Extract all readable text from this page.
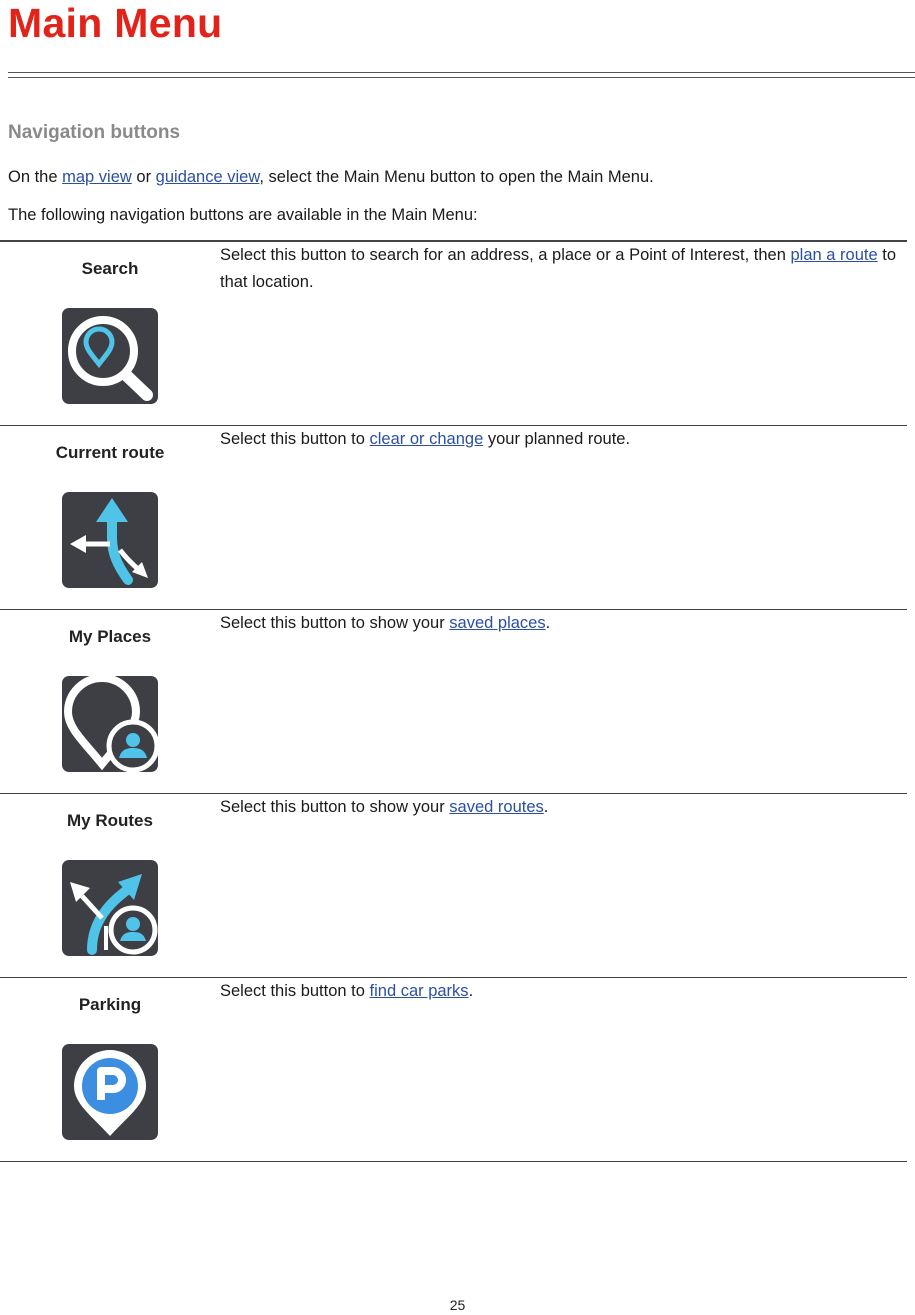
Main Menu
Navigation buttons

On the map view or guidance view, select the Main Menu button to open the Main Menu.

The following navigation buttons are available in the Main Menu:

Search	Select this button to search for an address, a place or a Point of Interest, then plan a route to that location.

Current route	Select this button to clear or change your planned route.

My Places	Select this button to show your saved places.

My Routes	Select this button to show your saved routes.

Parking	Select this button to find car parks.
25
